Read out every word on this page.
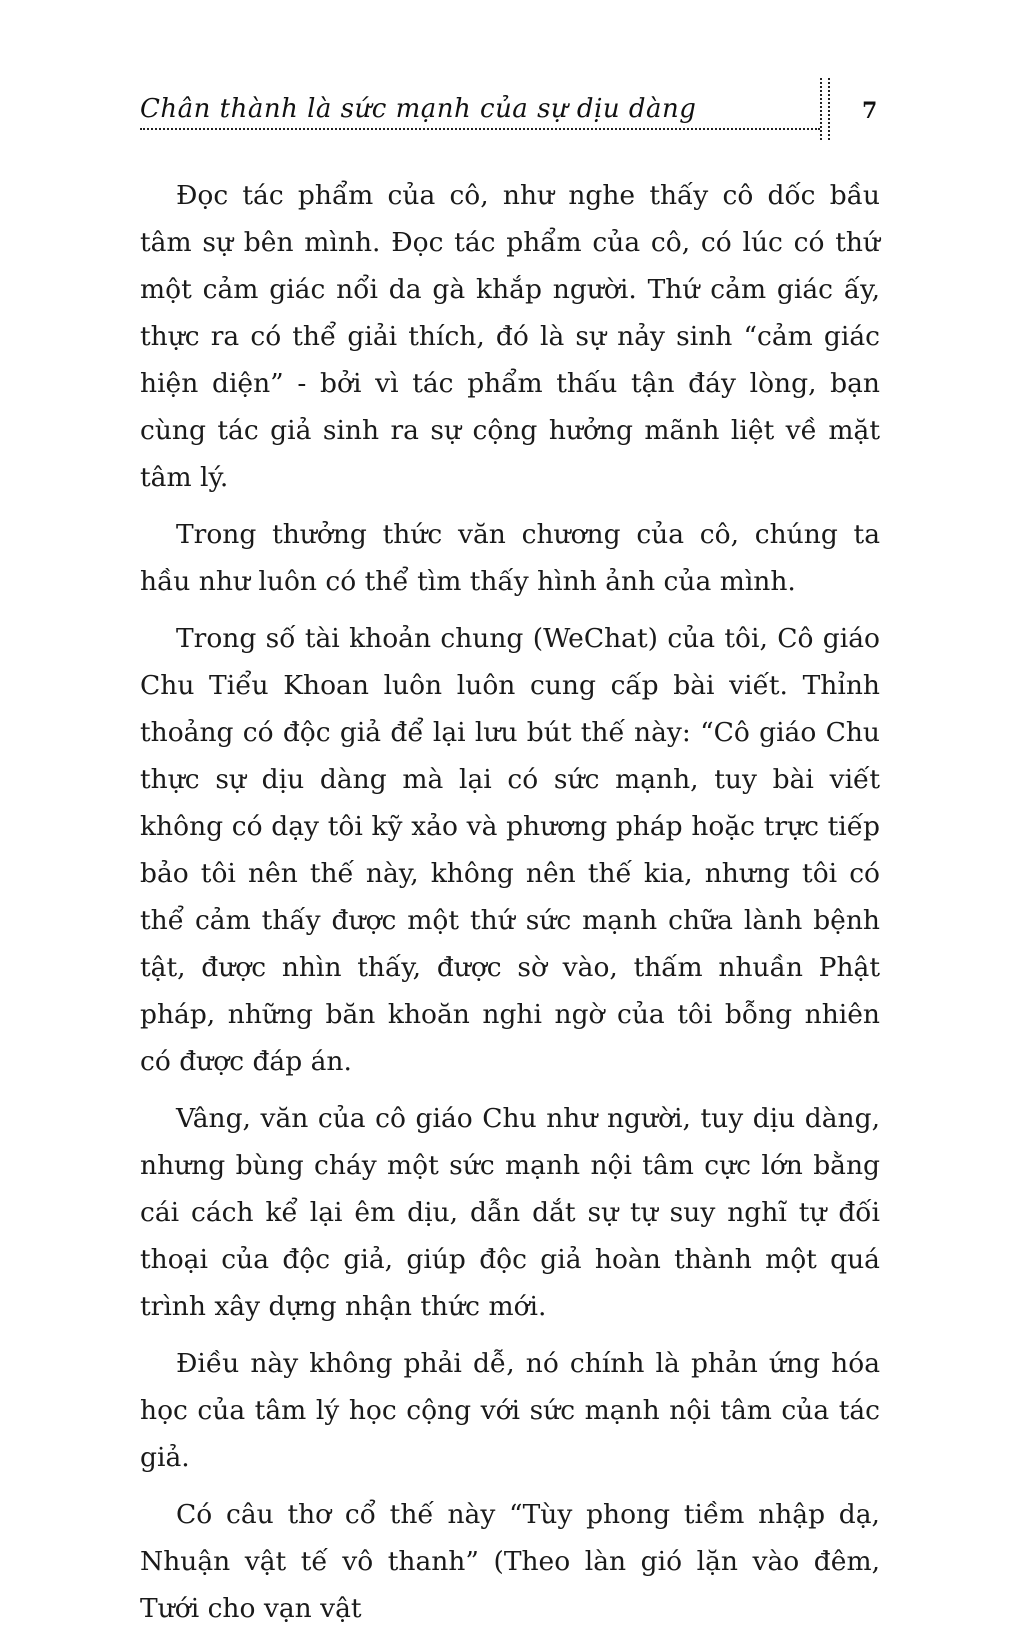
Chân thành là sức mạnh của sự dịu dàng	7

Đọc tác phẩm của cô, như nghe thấy cô dốc bầu tâm sự bên mình. Đọc tác phẩm của cô, có lúc có thứ một cảm giác nổi da gà khắp người. Thứ cảm giác ấy, thực ra có thể giải thích, đó là sự nảy sinh “cảm giác hiện diện” - bởi vì tác phẩm thấu tận đáy lòng, bạn cùng tác giả sinh ra sự cộng hưởng mãnh liệt về mặt tâm lý.

Trong thưởng thức văn chương của cô, chúng ta hầu như luôn có thể tìm thấy hình ảnh của mình.

Trong số tài khoản chung (WeChat) của tôi, Cô giáo Chu Tiểu Khoan luôn luôn cung cấp bài viết. Thỉnh thoảng có độc giả để lại lưu bút thế này: “Cô giáo Chu thực sự dịu dàng mà lại có sức mạnh, tuy bài viết không có dạy tôi kỹ xảo và phương pháp hoặc trực tiếp bảo tôi nên thế này, không nên thế kia, nhưng tôi có thể cảm thấy được một thứ sức mạnh chữa lành bệnh tật, được nhìn thấy, được sờ vào, thấm nhuần Phật pháp, những băn khoăn nghi ngờ của tôi bỗng nhiên có được đáp án.

Vâng, văn của cô giáo Chu như người, tuy dịu dàng, nhưng bùng cháy một sức mạnh nội tâm cực lớn bằng cái cách kể lại êm dịu, dẫn dắt sự tự suy nghĩ tự đối thoại của độc giả, giúp độc giả hoàn thành một quá trình xây dựng nhận thức mới.

Điều này không phải dễ, nó chính là phản ứng hóa học của tâm lý học cộng với sức mạnh nội tâm của tác giả.

Có câu thơ cổ thế này “Tùy phong tiềm nhập dạ, Nhuận vật tế vô thanh” (Theo làn gió lặn vào đêm, Tưới cho vạn vật
